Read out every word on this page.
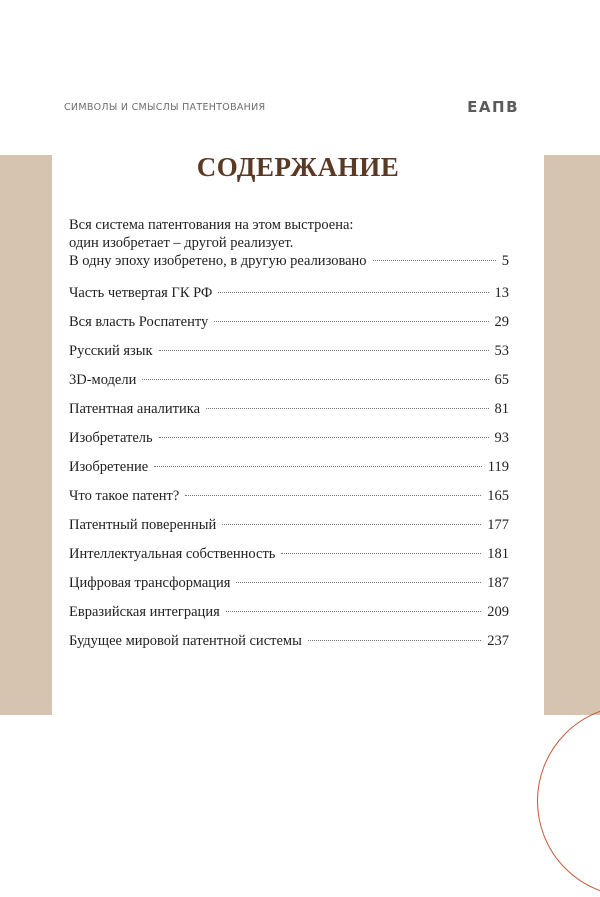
СИМВОЛЫ И СМЫСЛЫ ПАТЕНТОВАНИЯ	ЕАПВ
СОДЕРЖАНИЕ
Вся система патентования на этом выстроена:
один изобретает – другой реализует.
В одну эпоху изобретено, в другую реализовано	5
Часть четвертая ГК РФ	13
Вся власть Роспатенту	29
Русский язык	53
3D-модели	65
Патентная аналитика	81
Изобретатель	93
Изобретение	119
Что такое патент?	165
Патентный поверенный	177
Интеллектуальная собственность	181
Цифровая трансформация	187
Евразийская интеграция	209
Будущее мировой патентной системы	237
